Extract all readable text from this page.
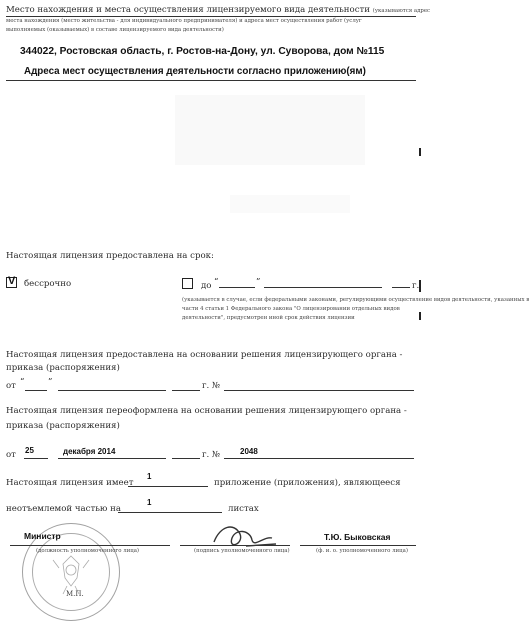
Место нахождения и места осуществления лицензируемого вида деятельности (указываются адрес
места нахождения (место жительства - для индивидуального предпринимателя) и адреса мест осуществления работ (услуг
выполняемых (оказываемых) в составе лицензируемого вида деятельности)
344022, Ростовская область, г. Ростов-на-Дону, ул. Суворова, дом №115
Адреса мест осуществления деятельности согласно приложению(ям)
Настоящая лицензия предоставлена на срок:
V бессрочно	до “	”	г.
(указывается в случае, если федеральными законами, регулирующими осуществление видов деятельности, указанных в
части 4 статьи 1 Федерального закона "О лицензировании отдельных видов
деятельности", предусмотрен иной срок действия лицензии
Настоящая лицензия предоставлена на основании решения лицензирующего органа -
приказа (распоряжения)
от “	”	г. №
Настоящая лицензия переоформлена на основании решения лицензирующего органа -
приказа (распоряжения)
от 25	декабря 2014	г. № 2048
Настоящая лицензия имеет
1
приложение (приложения), являющееся
неотъемлемой частью на
1
листах
М.П.
Министр
(должность уполномоченного лица)	(подпись уполномоченного лица)
Т.Ю. Быковская
(ф. и. о. уполномоченного лица)
